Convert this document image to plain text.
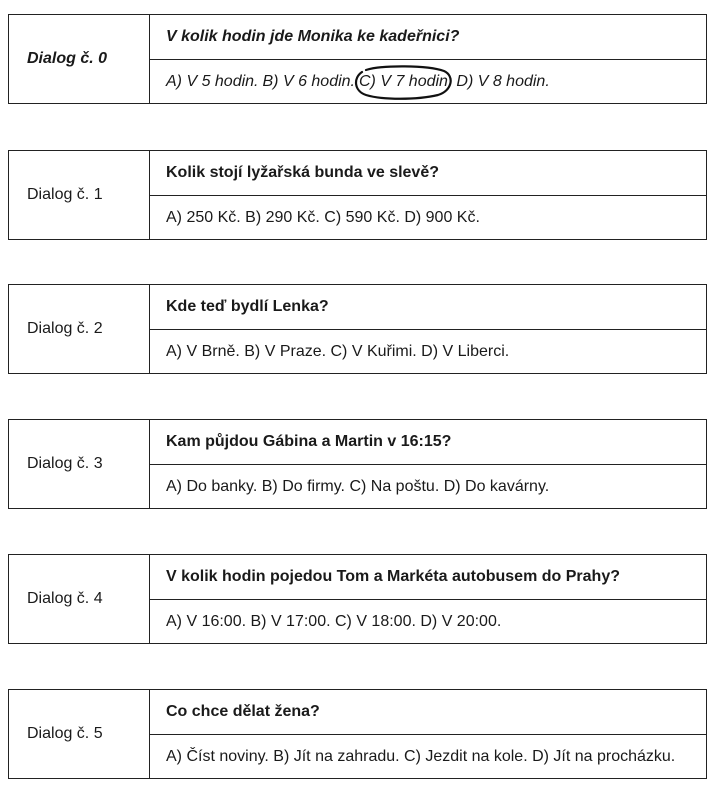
Dialog č. 0
V kolik hodin jde Monika ke kadeřnici?
A) V 5 hodin. B) V 6 hodin. C) V 7 hodin. D) V 8 hodin.
Dialog č. 1
Kolik stojí lyžařská bunda ve slevě?
A) 250 Kč. B) 290 Kč. C) 590 Kč. D) 900 Kč.
Dialog č. 2
Kde teď bydlí Lenka?
A) V Brně. B) V Praze. C) V Kuřimi. D) V Liberci.
Dialog č. 3
Kam půjdou Gábina a Martin v 16:15?
A) Do banky. B) Do firmy. C) Na poštu. D) Do kavárny.
Dialog č. 4
V kolik hodin pojedou Tom a Markéta autobusem do Prahy?
A) V 16:00. B) V 17:00. C) V 18:00. D) V 20:00.
Dialog č. 5
Co chce dělat žena?
A) Číst noviny. B) Jít na zahradu. C) Jezdit na kole. D) Jít na procházku.
